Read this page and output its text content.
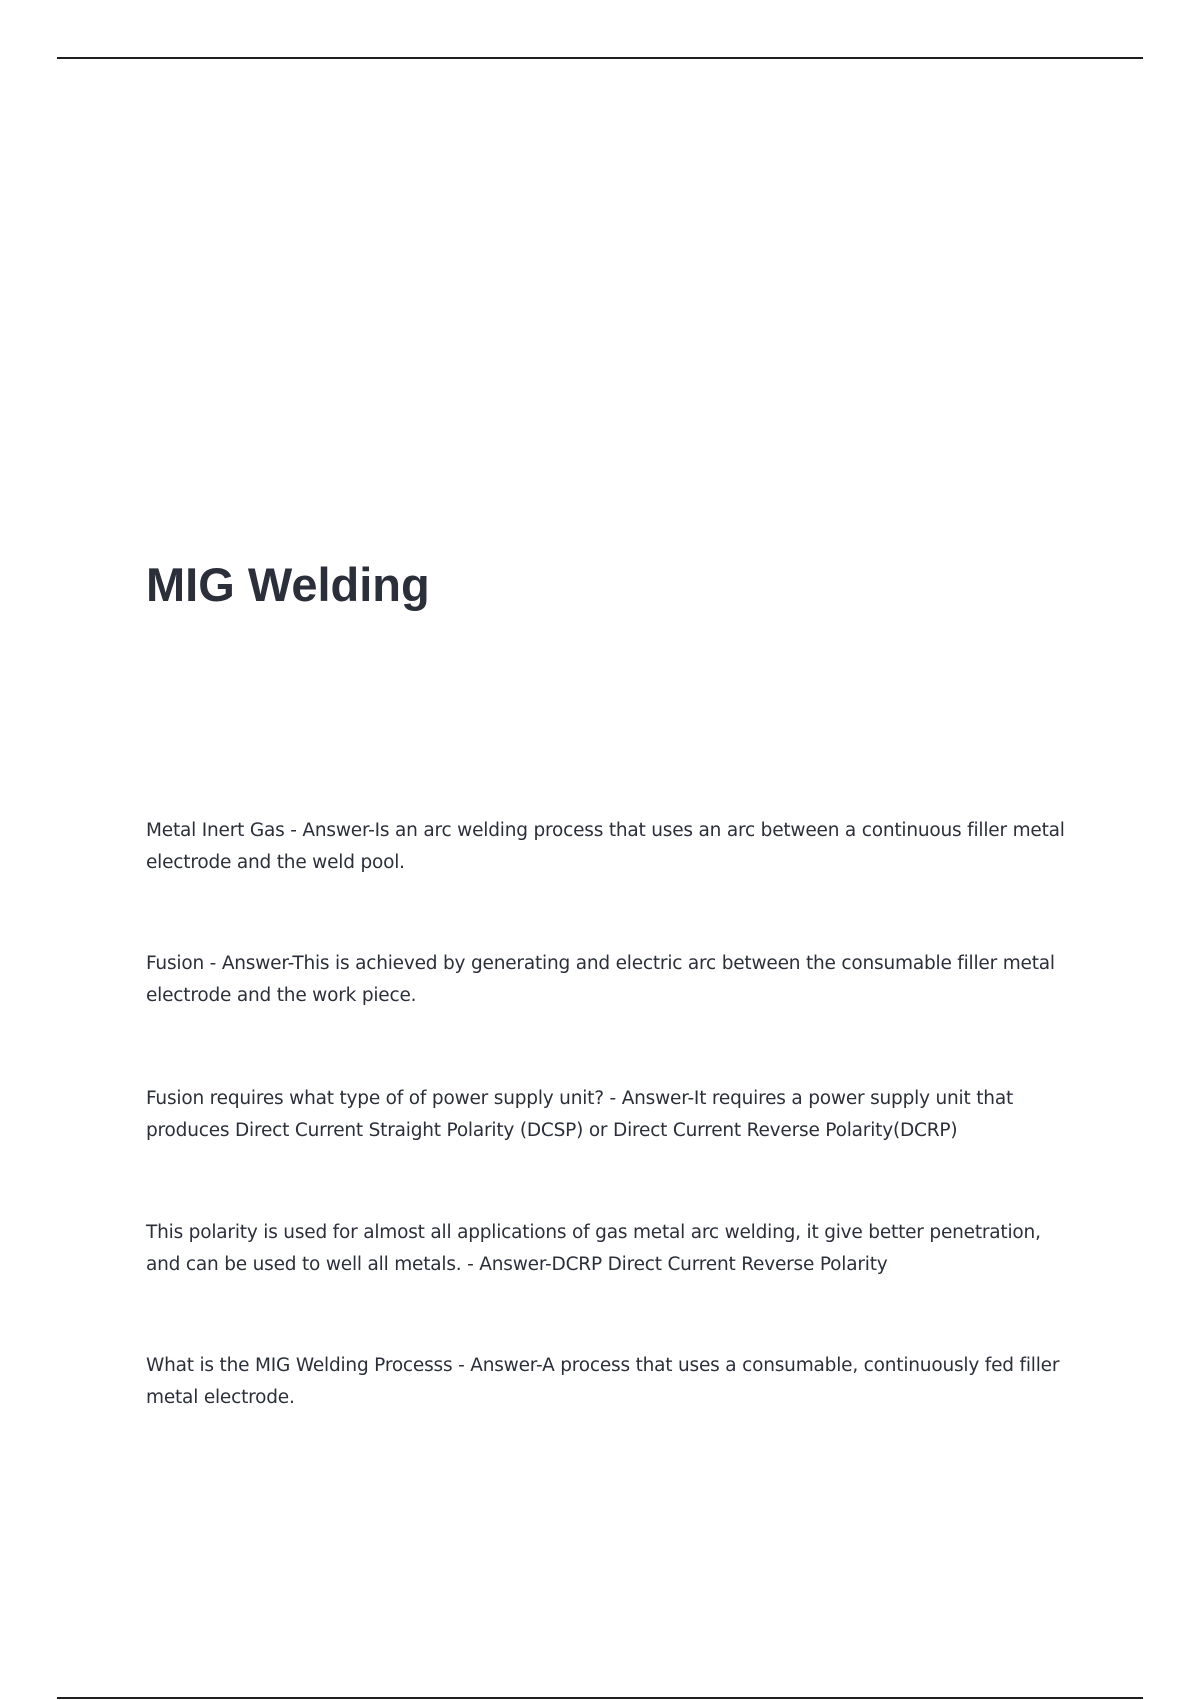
MIG Welding

Metal Inert Gas - Answer-Is an arc welding process that uses an arc between a continuous filler metal electrode and the weld pool.

Fusion - Answer-This is achieved by generating and electric arc between the consumable filler metal electrode and the work piece.

Fusion requires what type of of power supply unit? - Answer-It requires a power supply unit that produces Direct Current Straight Polarity (DCSP) or Direct Current Reverse Polarity(DCRP)

This polarity is used for almost all applications of gas metal arc welding, it give better penetration, and can be used to well all metals. - Answer-DCRP Direct Current Reverse Polarity

What is the MIG Welding Processs - Answer-A process that uses a consumable, continuously fed filler metal electrode.
